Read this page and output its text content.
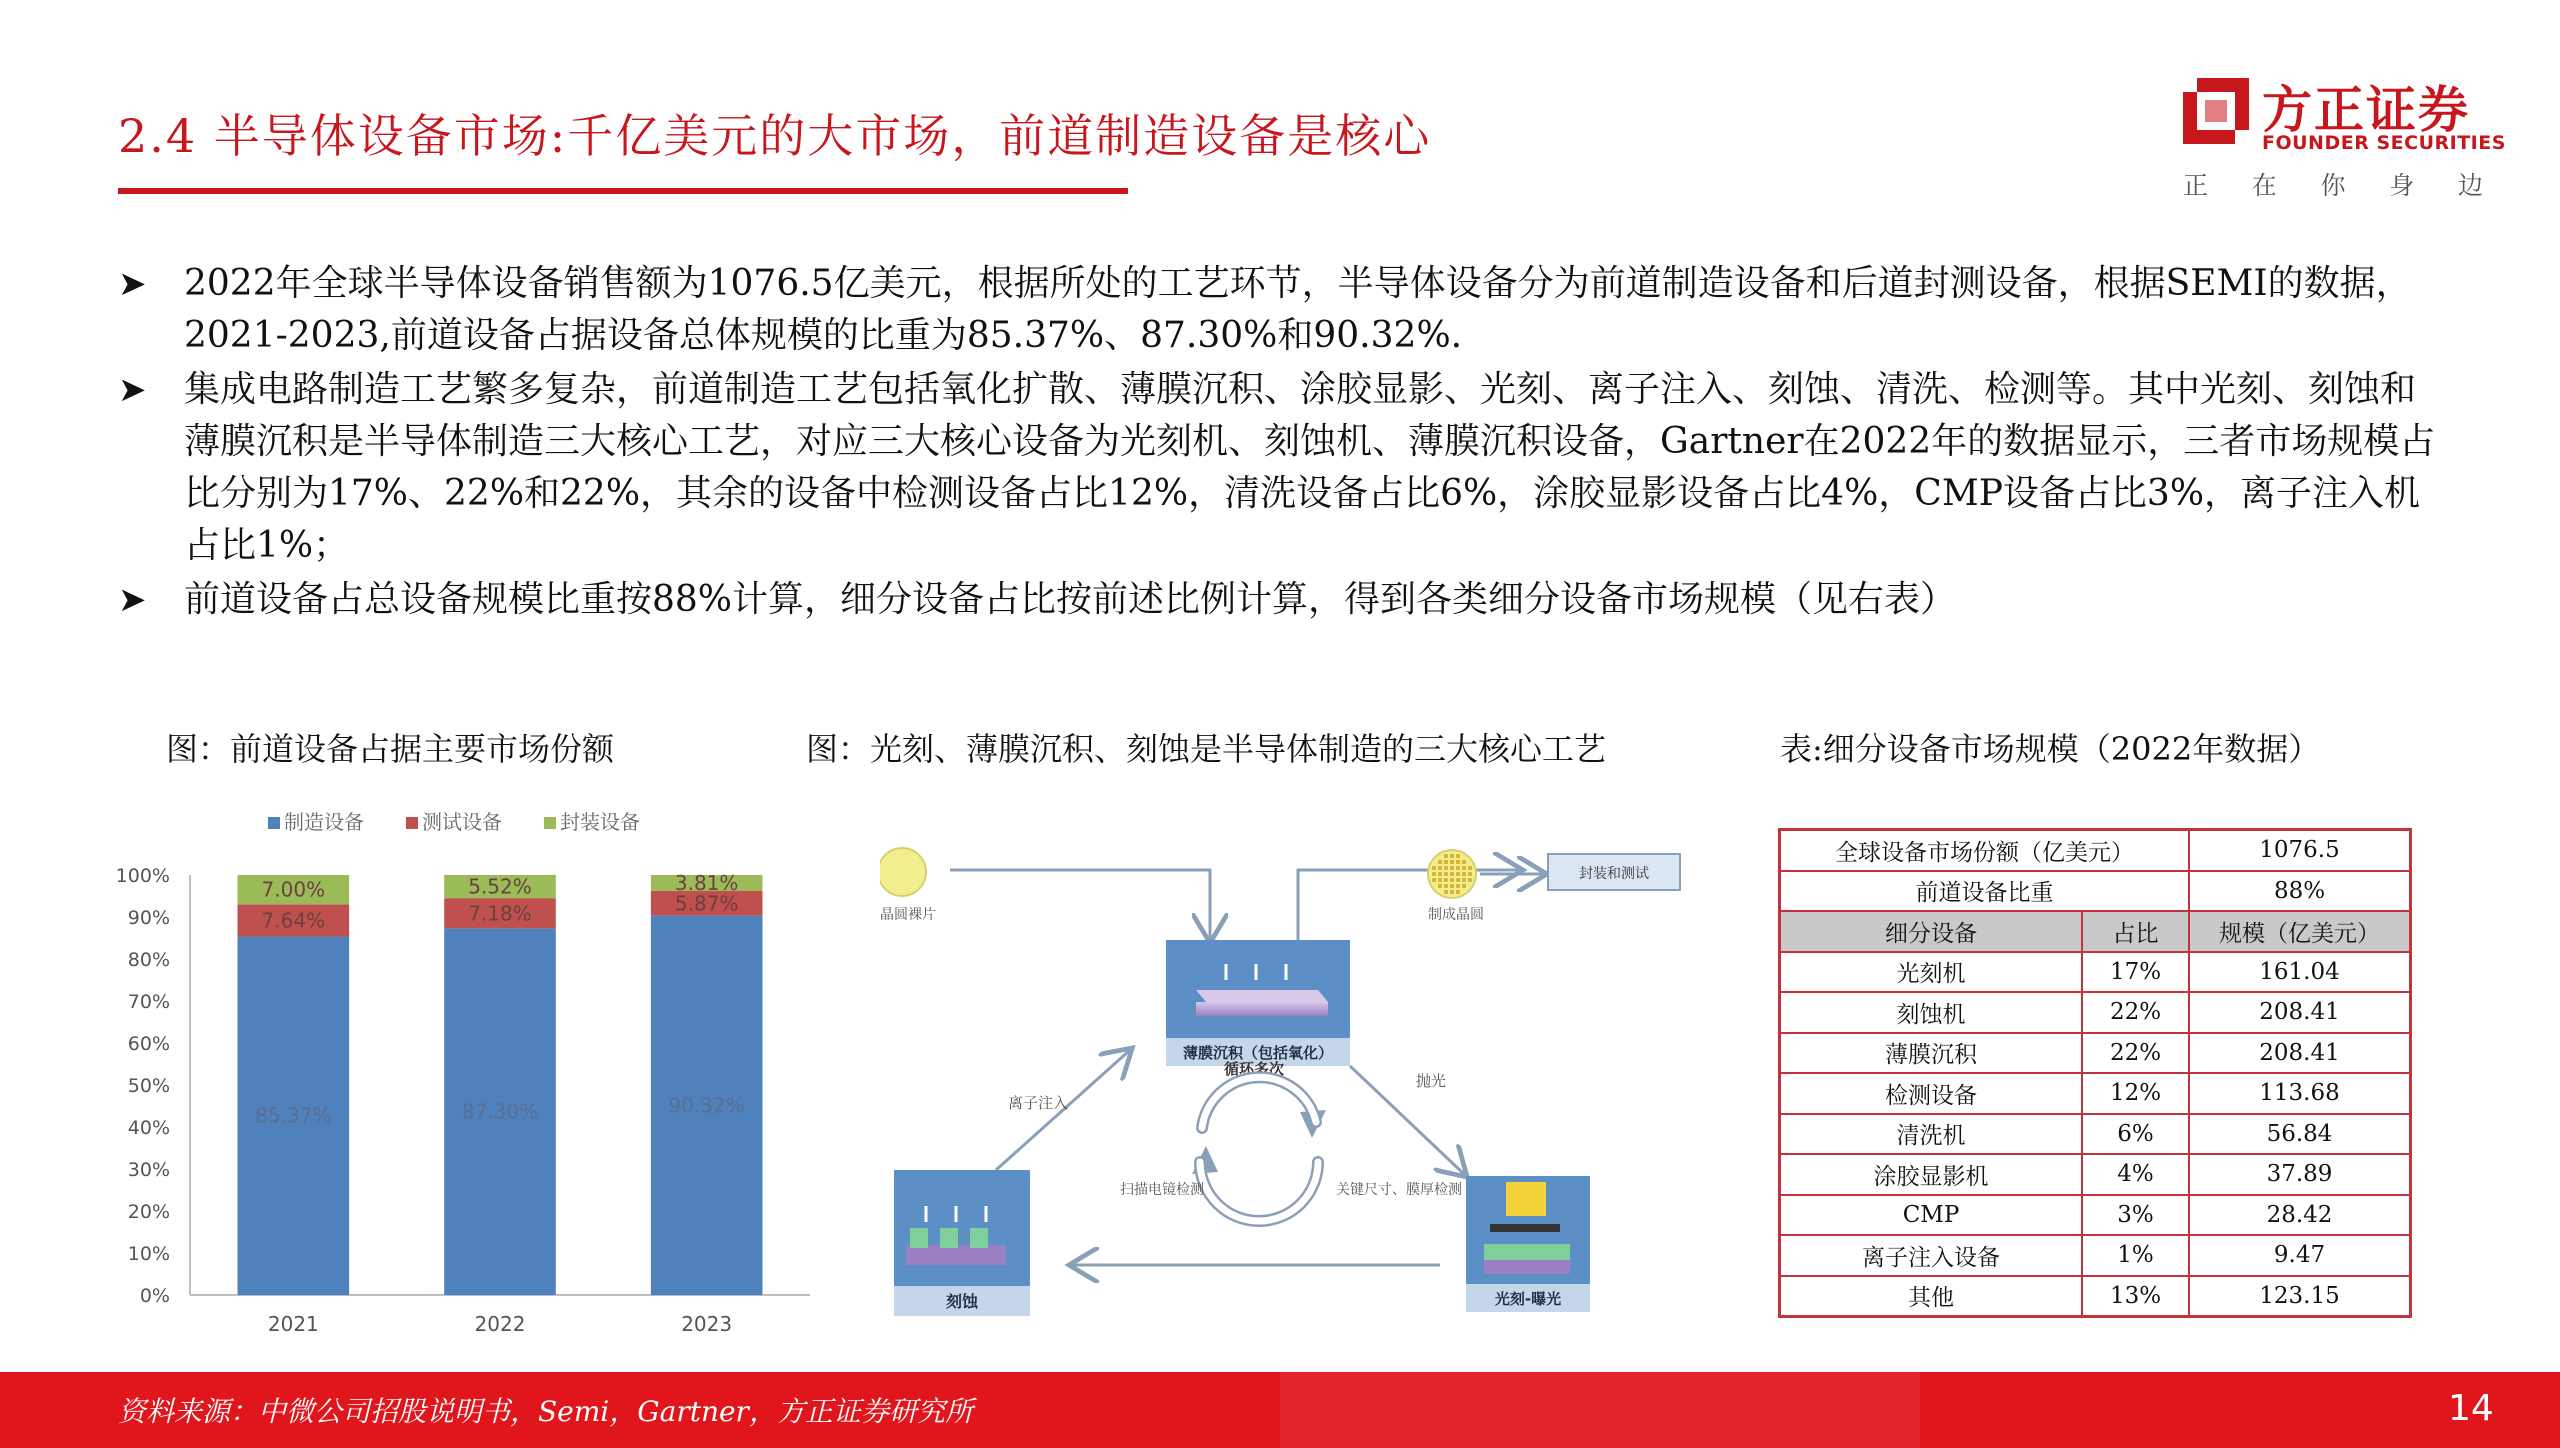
2.4 半导体设备市场:千亿美元的大市场，前道制造设备是核心	方正证券
FOUNDER SECURITIES
正 在 你 身 边
➤	2022年全球半导体设备销售额为1076.5亿美元，根据所处的工艺环节，半导体设备分为前道制造设备和后道封测设备，根据SEMI的数据，2021-2023,前道设备占据设备总体规模的比重为85.37%、87.30%和90.32%.
➤	集成电路制造工艺繁多复杂，前道制造工艺包括氧化扩散、薄膜沉积、涂胶显影、光刻、离子注入、刻蚀、清洗、检测等。其中光刻、刻蚀和薄膜沉积是半导体制造三大核心工艺，对应三大核心设备为光刻机、刻蚀机、薄膜沉积设备，Gartner在2022年的数据显示，三者市场规模占比分别为17%、22%和22%，其余的设备中检测设备占比12%，清洗设备占比6%，涂胶显影设备占比4%，CMP设备占比3%，离子注入机占比1%；
➤	前道设备占总设备规模比重按88%计算，细分设备占比按前述比例计算，得到各类细分设备市场规模（见右表）
图：前道设备占据主要市场份额	图：光刻、薄膜沉积、刻蚀是半导体制造的三大核心工艺	表:细分设备市场规模（2022年数据）
制造设备	测试设备	封装设备
0%
10%
20%
30%
40%
50%
60%
70%
80%
90%
100%
85.37%
7.64%
7.00%
2021
87.30%
7.18%
5.52%
2022
90.32%
5.87%
3.81%
2023
晶圆裸片
薄膜沉积（包括氧化）
制成晶圆
封装和测试
抛光
离子注入
循环多次
扫描电镜检测	关键尺寸、膜厚检测
刻蚀	光刻-曝光
全球设备市场份额（亿美元）		1076.5
前道设备比重		88%
细分设备	占比	规模（亿美元）
光刻机	17%	161.04
刻蚀机	22%	208.41
薄膜沉积	22%	208.41
检测设备	12%	113.68
清洗机	6%	56.84
涂胶显影机	4%	37.89
CMP	3%	28.42
离子注入设备	1%	9.47
其他	13%	123.15
资料来源：中微公司招股说明书，Semi，Gartner，方正证券研究所	14
